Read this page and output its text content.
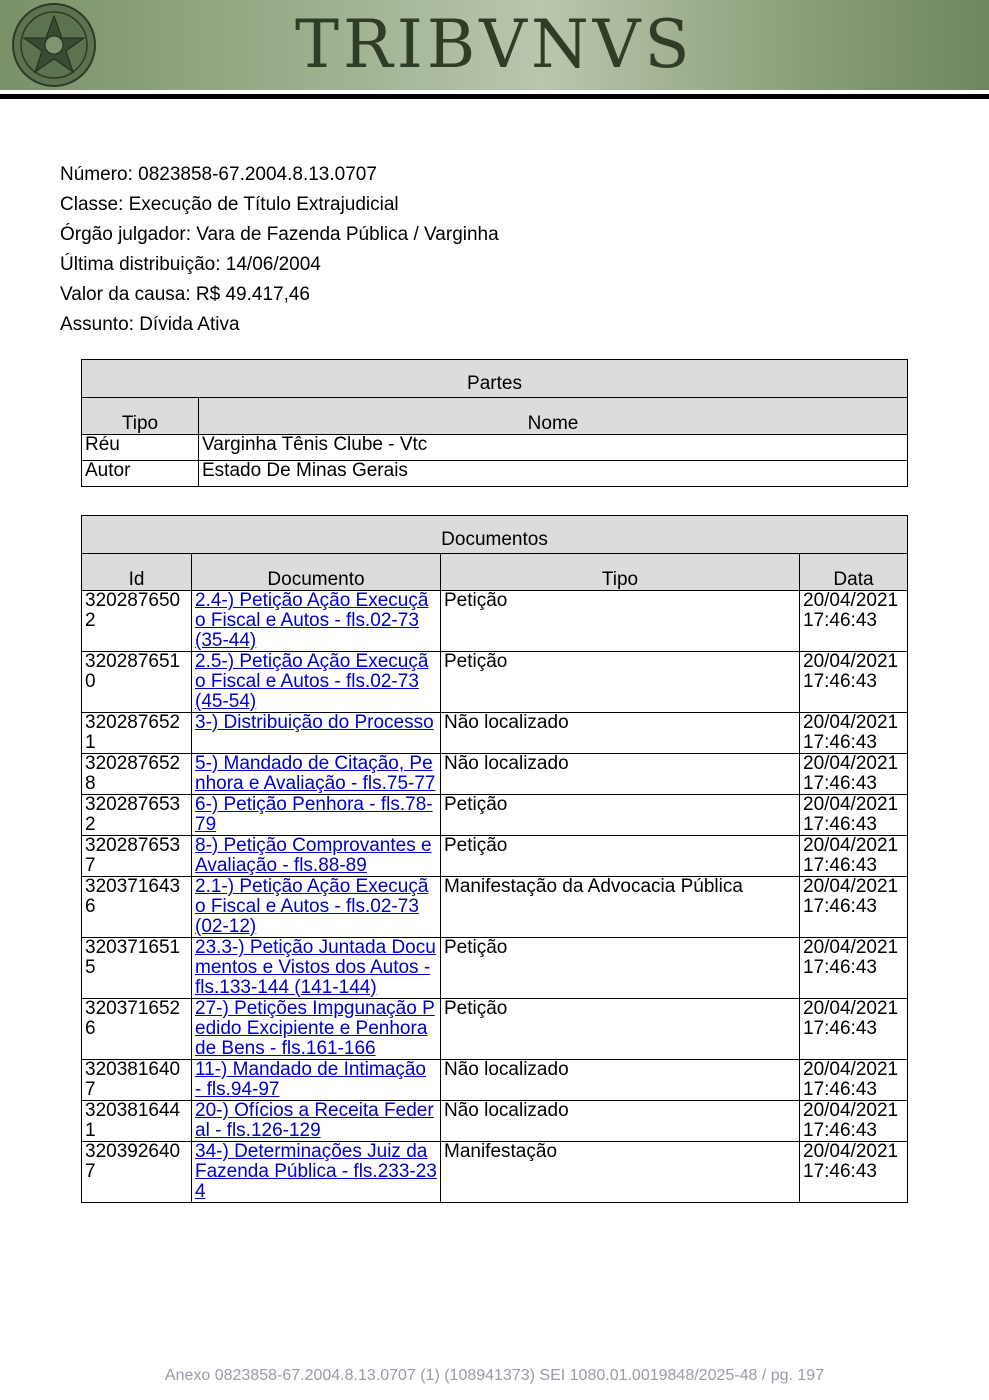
TRIBVNVS
Número: 0823858-67.2004.8.13.0707
Classe: Execução de Título Extrajudicial
Órgão julgador: Vara de Fazenda Pública / Varginha
Última distribuição: 14/06/2004
Valor da causa: R$ 49.417,46
Assunto: Dívida Ativa
Partes	
Tipo	Nome
Réu	Varginha Tênis Clube - Vtc
Autor	Estado De Minas Gerais
Documentos			
Id	Documento	Tipo	Data
3202876502	2.4-) Petição Ação Execução Fiscal e Autos - fls.02-73 (35-44)	Petição	20/04/2021 17:46:43
3202876510	2.5-) Petição Ação Execução Fiscal e Autos - fls.02-73 (45-54)	Petição	20/04/2021 17:46:43
3202876521	3-) Distribuição do Processo	Não localizado	20/04/2021 17:46:43
3202876528	5-) Mandado de Citação, Penhora e Avaliação - fls.75-77	Não localizado	20/04/2021 17:46:43
3202876532	6-) Petição Penhora - fls.78-79	Petição	20/04/2021 17:46:43
3202876537	8-) Petição Comprovantes e Avaliação - fls.88-89	Petição	20/04/2021 17:46:43
3203716436	2.1-) Petição Ação Execução Fiscal e Autos - fls.02-73 (02-12)	Manifestação da Advocacia Pública	20/04/2021 17:46:43
3203716515	23.3-) Petição Juntada Documentos e Vistos dos Autos - fls.133-144 (141-144)	Petição	20/04/2021 17:46:43
3203716526	27-) Petições Impgunação Pedido Excipiente e Penhora de Bens - fls.161-166	Petição	20/04/2021 17:46:43
3203816407	11-) Mandado de Intimação - fls.94-97	Não localizado	20/04/2021 17:46:43
3203816441	20-) Ofícios a Receita Federal - fls.126-129	Não localizado	20/04/2021 17:46:43
3203926407	34-) Determinações Juiz da Fazenda Pública - fls.233-234	Manifestação	20/04/2021 17:46:43
Anexo 0823858-67.2004.8.13.0707 (1) (108941373) SEI 1080.01.0019848/2025-48 / pg. 197
